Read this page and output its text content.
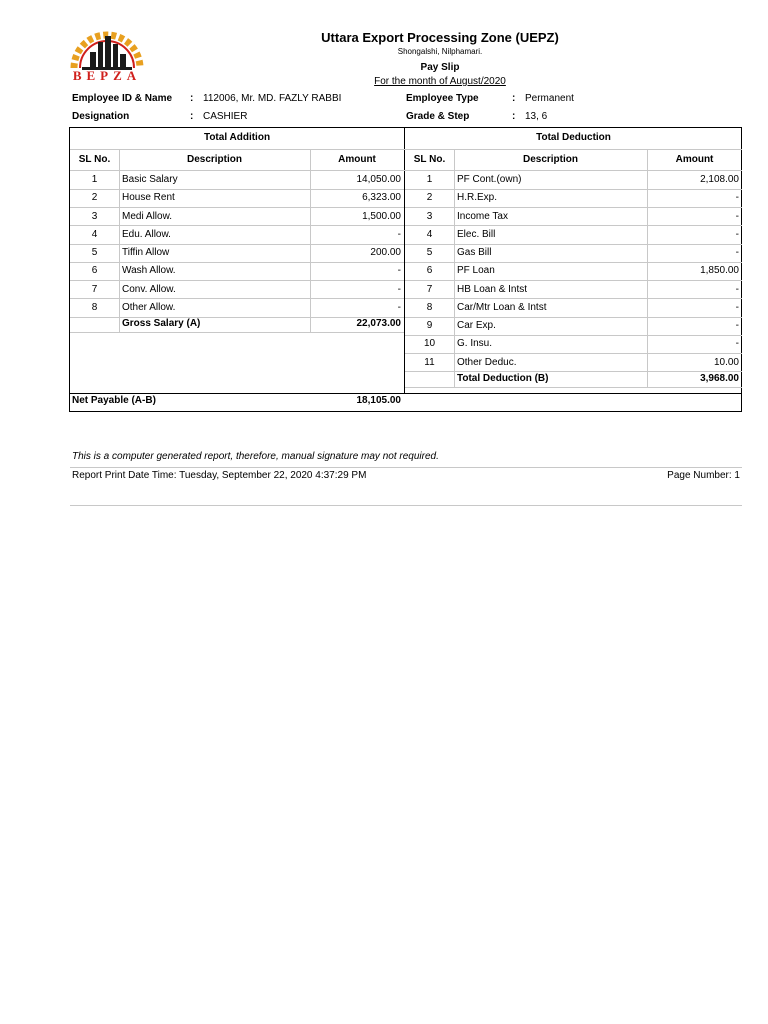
BEPZA
Uttara Export Processing Zone (UEPZ)
Shongalshi, Nilphamari.
Pay Slip
For the month of August/2020
Employee ID & Name : 112006, Mr. MD. FAZLY RABBI
Designation	: CASHIER
Employee Type	: Permanent
Grade & Step	: 13, 6
Total Addition
SL No.	Description	Amount
1	Basic Salary	14,050.00
2	House Rent	6,323.00
3	Medi Allow.	1,500.00
4	Edu. Allow.	-
5	Tiffin Allow	200.00
6	Wash Allow.	-
7	Conv. Allow.	-
8	Other Allow.	-
Gross Salary (A)	22,073.00
Total Deduction
SL No.	Description	Amount
1	PF Cont.(own)	2,108.00
2	H.R.Exp.	-
3	Income Tax	-
4	Elec. Bill	-
5	Gas Bill	-
6	PF Loan	1,850.00
7	HB Loan & Intst	-
8	Car/Mtr Loan & Intst	-
9	Car Exp.	-
10	G. Insu.	-
11	Other Deduc.	10.00
Total Deduction (B)	3,968.00
Net Payable (A-B)	18,105.00
This is a computer generated report, therefore, manual signature may not required.
Report Print Date Time: Tuesday, September 22, 2020 4:37:29 PM	Page Number: 1
